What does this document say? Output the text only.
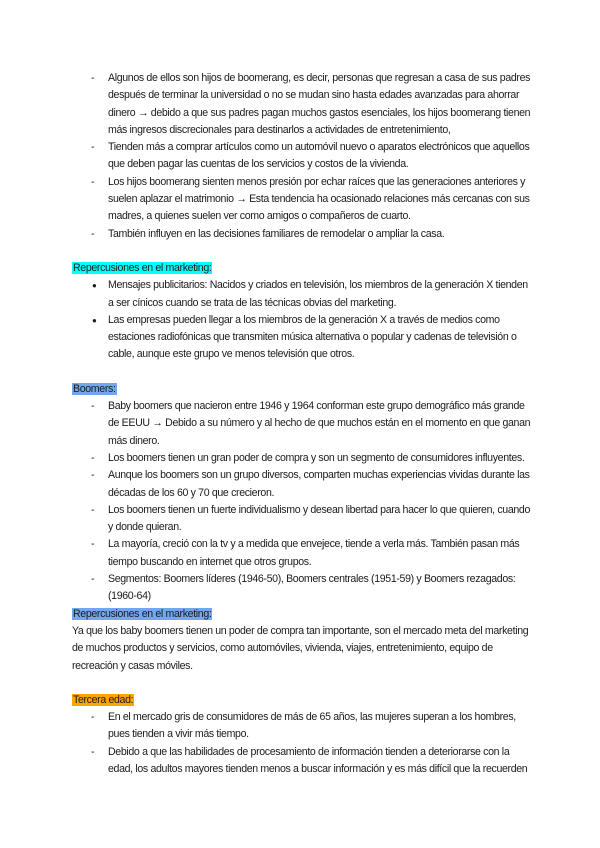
- Algunos de ellos son hijos de boomerang, es decir, personas que regresan a casa de sus padres después de terminar la universidad o no se mudan sino hasta edades avanzadas para ahorrar dinero → debido a que sus padres pagan muchos gastos esenciales, los hijos boomerang tienen más ingresos discrecionales para destinarlos a actividades de entretenimiento,
- Tienden más a comprar artículos como un automóvil nuevo o aparatos electrónicos que aquellos que deben pagar las cuentas de los servicios y costos de la vivienda.
- Los hijos boomerang sienten menos presión por echar raíces que las generaciones anteriores y suelen aplazar el matrimonio → Esta tendencia ha ocasionado relaciones más cercanas con sus madres, a quienes suelen ver como amigos o compañeros de cuarto.
- También influyen en las decisiones familiares de remodelar o ampliar la casa.

Repercusiones en el marketing:

● Mensajes publicitarios: Nacidos y criados en televisión, los miembros de la generación X tienden a ser cínicos cuando se trata de las técnicas obvias del marketing.
● Las empresas pueden llegar a los miembros de la generación X a través de medios como estaciones radiofónicas que transmiten música alternativa o popular y cadenas de televisión o cable, aunque este grupo ve menos televisión que otros.

Boomers:

- Baby boomers que nacieron entre 1946 y 1964 conforman este grupo demográfico más grande de EEUU → Debido a su número y al hecho de que muchos están en el momento en que ganan más dinero.
- Los boomers tienen un gran poder de compra y son un segmento de consumidores influyentes.
- Aunque los boomers son un grupo diversos, comparten muchas experiencias vividas durante las décadas de los 60 y 70 que crecieron.
- Los boomers tienen un fuerte individualismo y desean libertad para hacer lo que quieren, cuando y donde quieran.
- La mayoría, creció con la tv y a medida que envejece, tiende a verla más. También pasan más tiempo buscando en internet que otros grupos.
- Segmentos: Boomers líderes (1946-50), Boomers centrales (1951-59) y Boomers rezagados: (1960-64)

Repercusiones en el marketing:

Ya que los baby boomers tienen un poder de compra tan importante, son el mercado meta del marketing de muchos productos y servicios, como automóviles, vivienda, viajes, entretenimiento, equipo de recreación y casas móviles.

Tercera edad:

- En el mercado gris de consumidores de más de 65 años, las mujeres superan a los hombres, pues tienden a vivir más tiempo.
- Debido a que las habilidades de procesamiento de información tienden a deteriorarse con la edad, los adultos mayores tienden menos a buscar información y es más difícil que la recuerden
